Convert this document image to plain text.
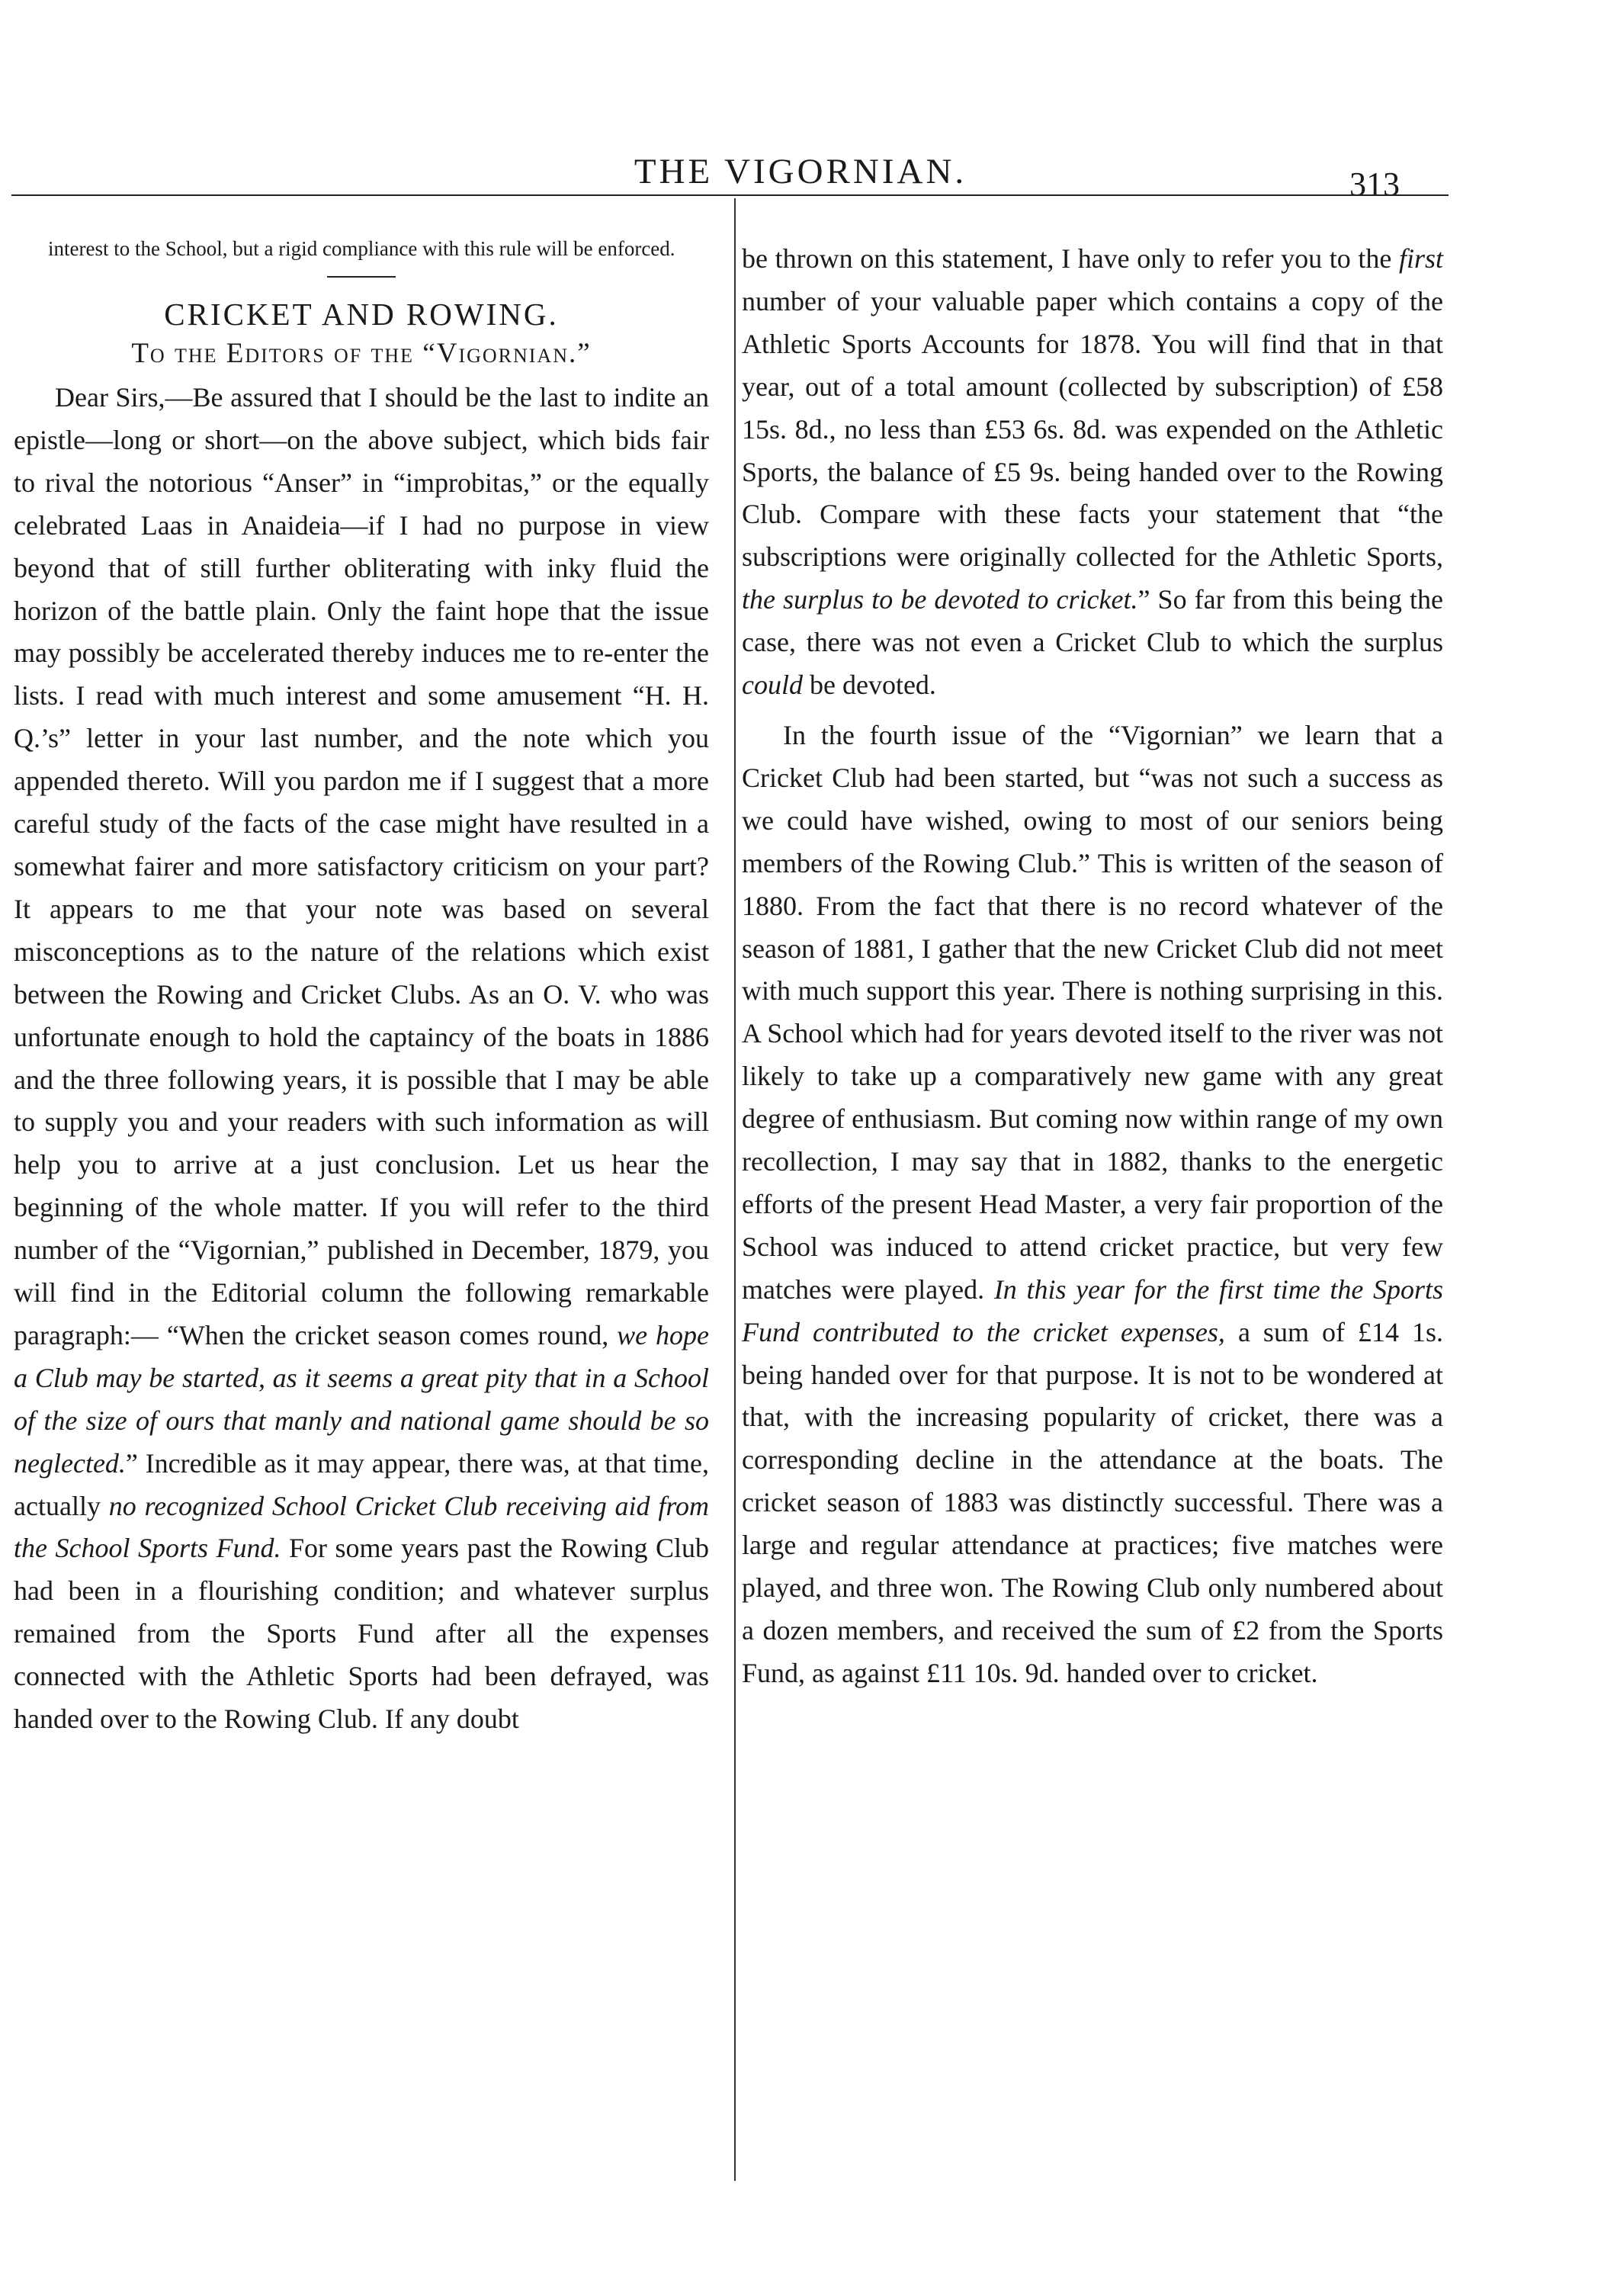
THE VIGORNIAN.	313

interest to the School, but a rigid compliance with this rule will be enforced.

CRICKET AND ROWING.

To the Editors of the “Vigornian.”

Dear Sirs,—Be assured that I should be the last to indite an epistle—long or short—on the above subject, which bids fair to rival the notorious “Anser” in “improbitas,” or the equally celebrated Laas in Anaideia—if I had no purpose in view beyond that of still further obliterating with inky fluid the horizon of the battle plain. Only the faint hope that the issue may possibly be accelerated thereby induces me to re-enter the lists. I read with much interest and some amusement “H. H. Q.’s” letter in your last number, and the note which you appended thereto. Will you pardon me if I suggest that a more careful study of the facts of the case might have resulted in a somewhat fairer and more satisfactory criticism on your part? It appears to me that your note was based on several misconceptions as to the nature of the relations which exist between the Rowing and Cricket Clubs. As an O. V. who was unfortunate enough to hold the captaincy of the boats in 1886 and the three following years, it is possible that I may be able to supply you and your readers with such information as will help you to arrive at a just conclusion. Let us hear the beginning of the whole matter. If you will refer to the third number of the “Vigornian,” published in December, 1879, you will find in the Editorial column the following remarkable paragraph:— “When the cricket season comes round, we hope a Club may be started, as it seems a great pity that in a School of the size of ours that manly and national game should be so neglected.” Incredible as it may appear, there was, at that time, actually no recognized School Cricket Club receiving aid from the School Sports Fund. For some years past the Rowing Club had been in a flourishing condition; and whatever surplus remained from the Sports Fund after all the expenses connected with the Athletic Sports had been defrayed, was handed over to the Rowing Club. If any doubt

be thrown on this statement, I have only to refer you to the first number of your valuable paper which contains a copy of the Athletic Sports Accounts for 1878. You will find that in that year, out of a total amount (collected by subscription) of £58 15s. 8d., no less than £53 6s. 8d. was expended on the Athletic Sports, the balance of £5 9s. being handed over to the Rowing Club. Compare with these facts your statement that “the subscriptions were originally collected for the Athletic Sports, the surplus to be devoted to cricket.” So far from this being the case, there was not even a Cricket Club to which the surplus could be devoted.

In the fourth issue of the “Vigornian” we learn that a Cricket Club had been started, but “was not such a success as we could have wished, owing to most of our seniors being members of the Rowing Club.” This is written of the season of 1880. From the fact that there is no record whatever of the season of 1881, I gather that the new Cricket Club did not meet with much support this year. There is nothing surprising in this. A School which had for years devoted itself to the river was not likely to take up a comparatively new game with any great degree of enthusiasm. But coming now within range of my own recollection, I may say that in 1882, thanks to the energetic efforts of the present Head Master, a very fair proportion of the School was induced to attend cricket practice, but very few matches were played. In this year for the first time the Sports Fund contributed to the cricket expenses, a sum of £14 1s. being handed over for that purpose. It is not to be wondered at that, with the increasing popularity of cricket, there was a corresponding decline in the attendance at the boats. The cricket season of 1883 was distinctly successful. There was a large and regular attendance at practices; five matches were played, and three won. The Rowing Club only numbered about a dozen members, and received the sum of £2 from the Sports Fund, as against £11 10s. 9d. handed over to cricket.
